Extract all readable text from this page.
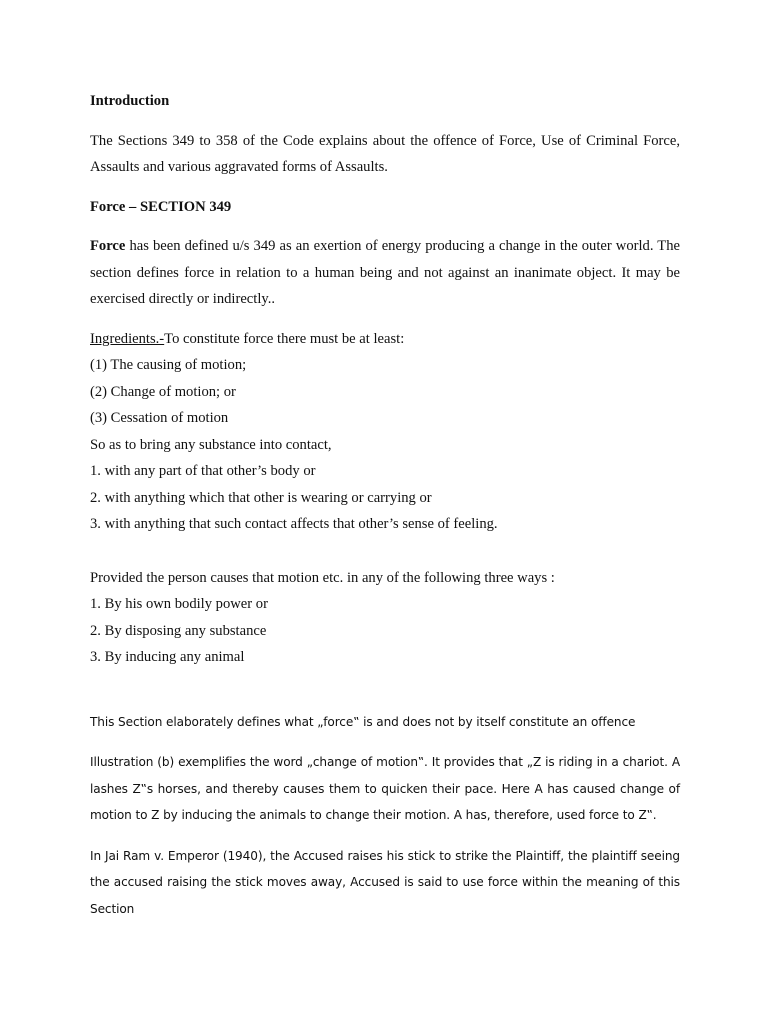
Introduction

The Sections 349 to 358 of the Code explains about the offence of Force, Use of Criminal Force, Assaults and various aggravated forms of Assaults.

Force – SECTION 349

Force has been defined u/s 349 as an exertion of energy producing a change in the outer world. The section defines force in relation to a human being and not against an inanimate object. It may be exercised directly or indirectly..

Ingredients.-To constitute force there must be at least:

(1) The causing of motion;

(2) Change of motion; or

(3) Cessation of motion

So as to bring any substance into contact,

1. with any part of that other’s body or

2. with anything which that other is wearing or carrying or

3. with anything that such contact affects that other’s sense of feeling.

Provided the person causes that motion etc. in any of the following three ways :

1. By his own bodily power or

2. By disposing any substance

3. By inducing any animal

This Section elaborately defines what „force‟ is and does not by itself constitute an offence

Illustration (b) exemplifies the word „change of motion‟. It provides that „Z is riding in a chariot. A lashes Z‟s horses, and thereby causes them to quicken their pace. Here A has caused change of motion to Z by inducing the animals to change their motion. A has, therefore, used force to Z‟.

In Jai Ram v. Emperor (1940), the Accused raises his stick to strike the Plaintiff, the plaintiff seeing the accused raising the stick moves away, Accused is said to use force within the meaning of this Section
